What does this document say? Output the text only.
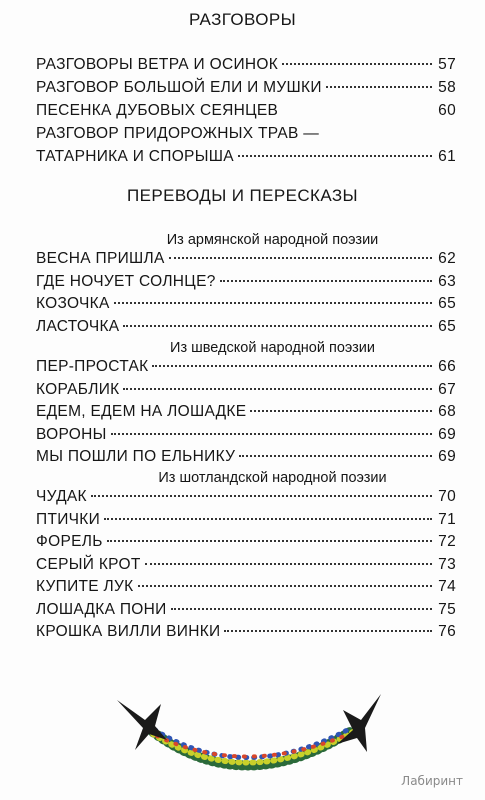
РАЗГОВОРЫ
РАЗГОВОРЫ ВЕТРА И ОСИНОК	57
РАЗГОВОР БОЛЬШОЙ ЕЛИ И МУШКИ	58
ПЕСЕНКА ДУБОВЫХ СЕЯНЦЕВ	60
РАЗГОВОР ПРИДОРОЖНЫХ ТРАВ —
ТАТАРНИКА И СПОРЫША	61
ПЕРЕВОДЫ И ПЕРЕСКАЗЫ
Из армянской народной поэзии
ВЕСНА ПРИШЛА	62
ГДЕ НОЧУЕТ СОЛНЦЕ?	63
КОЗОЧКА	65
ЛАСТОЧКА	65
Из шведской народной поэзии
ПЕР-ПРОСТАК	66
КОРАБЛИК	67
ЕДЕМ, ЕДЕМ НА ЛОШАДКЕ	68
ВОРОНЫ	69
МЫ ПОШЛИ ПО ЕЛЬНИКУ	69
Из шотландской народной поэзии
ЧУДАК	70
ПТИЧКИ	71
ФОРЕЛЬ	72
СЕРЫЙ КРОТ	73
КУПИТЕ ЛУК	74
ЛОШАДКА ПОНИ	75
КРОШКА ВИЛЛИ ВИНКИ	76
Лабиринт
